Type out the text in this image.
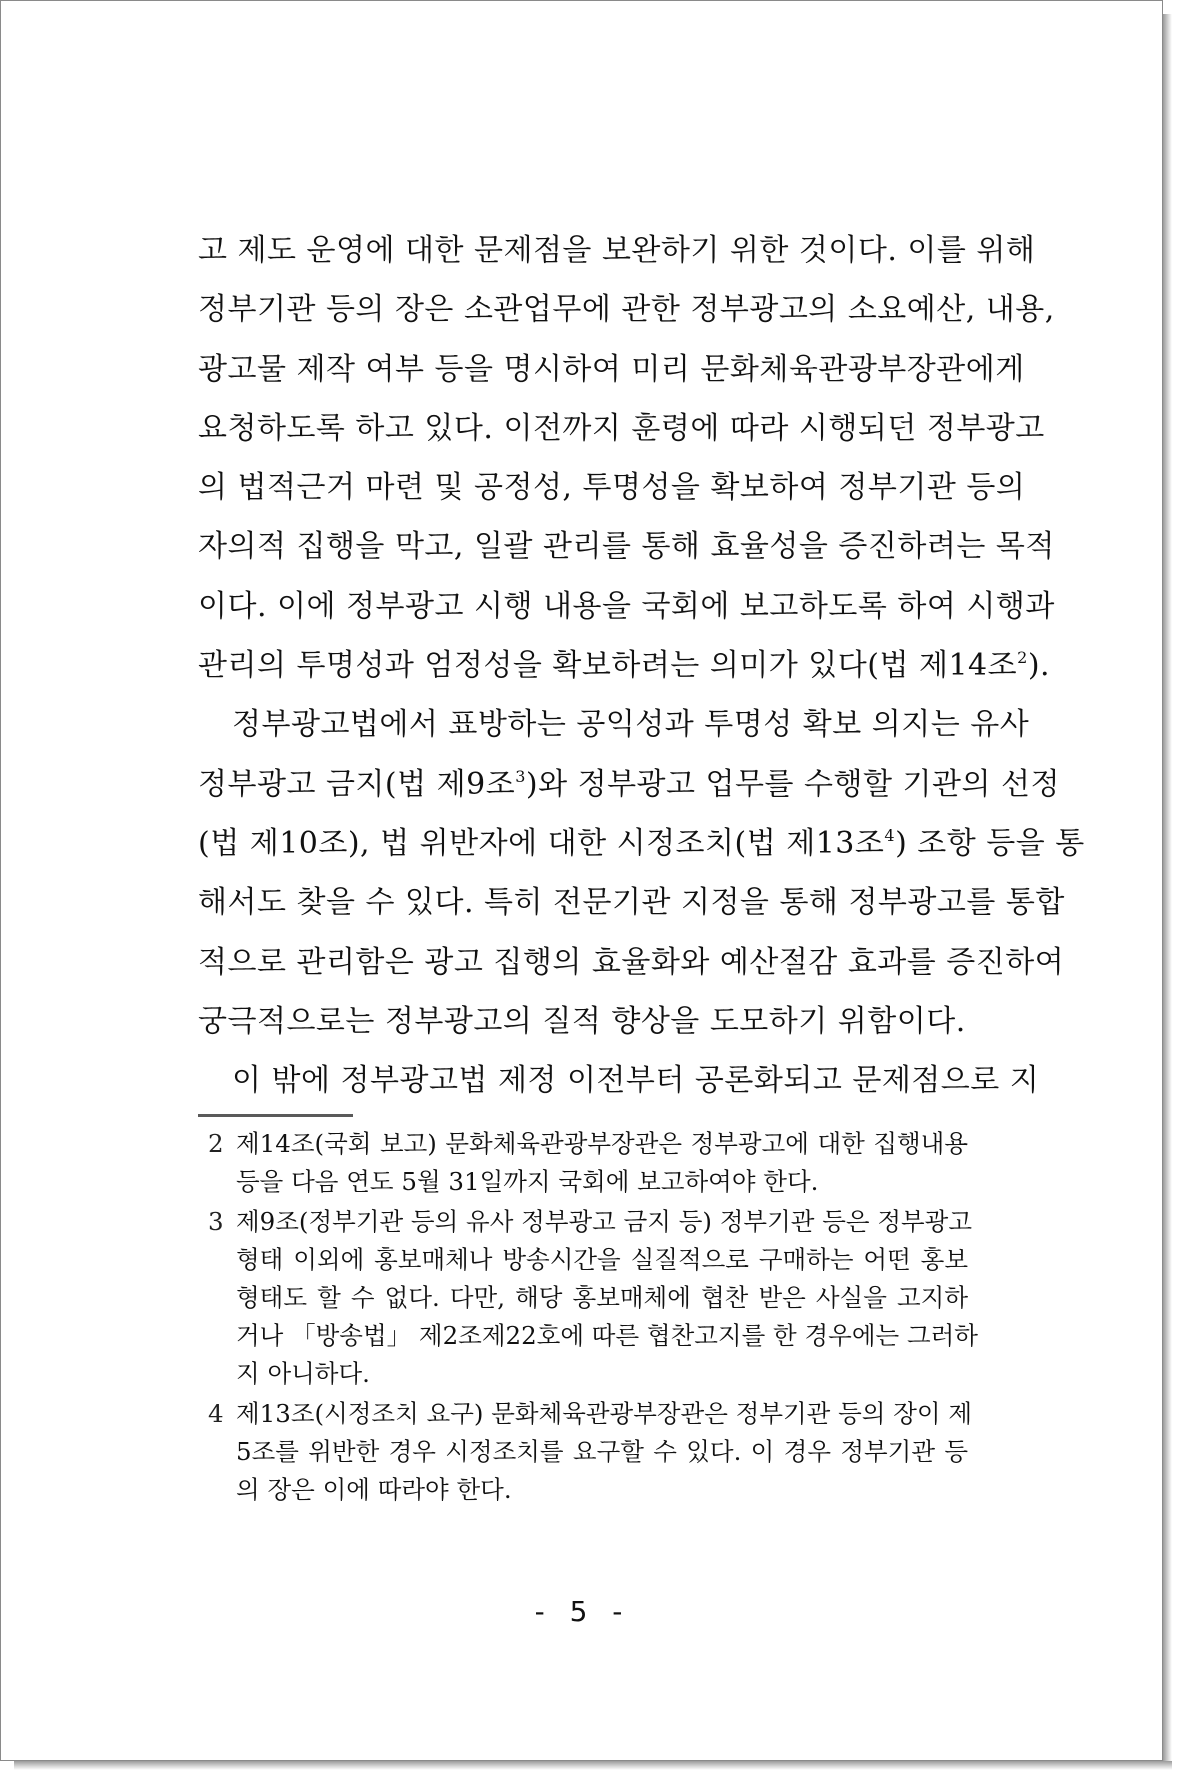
고 제도 운영에 대한 문제점을 보완하기 위한 것이다. 이를 위해
정부기관 등의 장은 소관업무에 관한 정부광고의 소요예산, 내용,
광고물 제작 여부 등을 명시하여 미리 문화체육관광부장관에게
요청하도록 하고 있다. 이전까지 훈령에 따라 시행되던 정부광고
의 법적근거 마련 및 공정성, 투명성을 확보하여 정부기관 등의
자의적 집행을 막고, 일괄 관리를 통해 효율성을 증진하려는 목적
이다. 이에 정부광고 시행 내용을 국회에 보고하도록 하여 시행과
관리의 투명성과 엄정성을 확보하려는 의미가 있다(법 제14조$^2$).
정부광고법에서 표방하는 공익성과 투명성 확보 의지는 유사
정부광고 금지(법 제9조$^3$)와 정부광고 업무를 수행할 기관의 선정
(법 제10조), 법 위반자에 대한 시정조치(법 제13조$^4$) 조항 등을 통
해서도 찾을 수 있다. 특히 전문기관 지정을 통해 정부광고를 통합
적으로 관리함은 광고 집행의 효율화와 예산절감 효과를 증진하여
궁극적으로는 정부광고의 질적 향상을 도모하기 위함이다.
이 밖에 정부광고법 제정 이전부터 공론화되고 문제점으로 지
2 제14조(국회 보고) 문화체육관광부장관은 정부광고에 대한 집행내용
등을 다음 연도 5월 31일까지 국회에 보고하여야 한다.
3 제9조(정부기관 등의 유사 정부광고 금지 등) 정부기관 등은 정부광고
형태 이외에 홍보매체나 방송시간을 실질적으로 구매하는 어떤 홍보
형태도 할 수 없다. 다만, 해당 홍보매체에 협찬 받은 사실을 고지하
거나 「방송법」 제2조제22호에 따른 협찬고지를 한 경우에는 그러하
지 아니하다.
4 제13조(시정조치 요구) 문화체육관광부장관은 정부기관 등의 장이 제
5조를 위반한 경우 시정조치를 요구할 수 있다. 이 경우 정부기관 등
의 장은 이에 따라야 한다.
- 5 -
